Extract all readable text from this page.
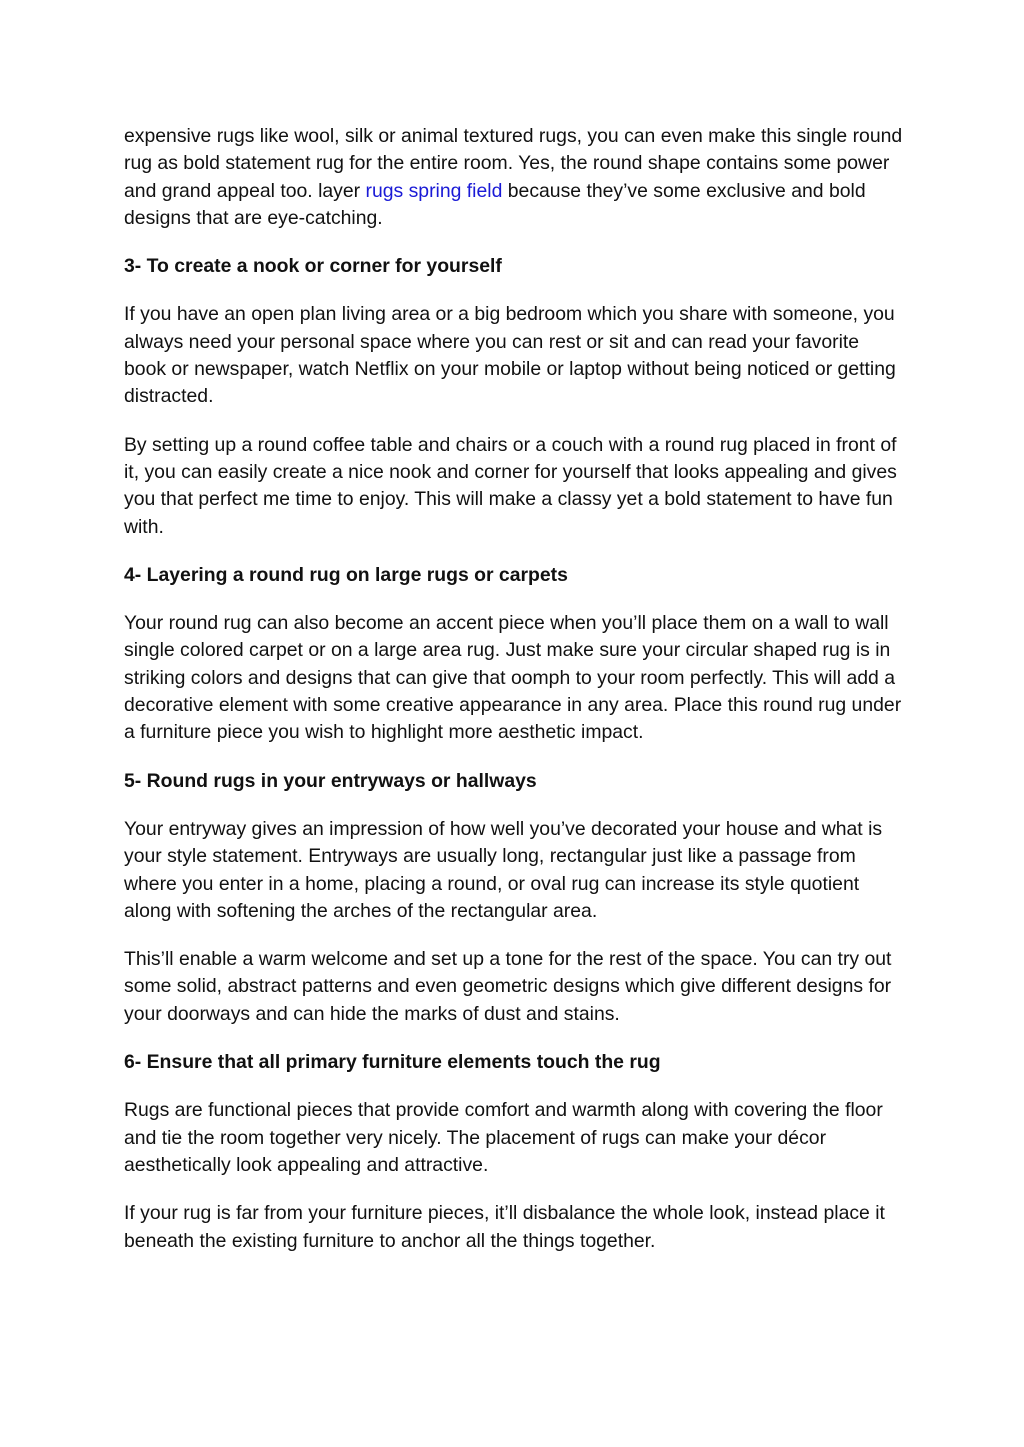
expensive rugs like wool, silk or animal textured rugs, you can even make this single round rug as bold statement rug for the entire room. Yes, the round shape contains some power and grand appeal too. layer rugs spring field because they’ve some exclusive and bold designs that are eye-catching.

3- To create a nook or corner for yourself

If you have an open plan living area or a big bedroom which you share with someone, you always need your personal space where you can rest or sit and can read your favorite book or newspaper, watch Netflix on your mobile or laptop without being noticed or getting distracted.

By setting up a round coffee table and chairs or a couch with a round rug placed in front of it, you can easily create a nice nook and corner for yourself that looks appealing and gives you that perfect me time to enjoy. This will make a classy yet a bold statement to have fun with.

4- Layering a round rug on large rugs or carpets

Your round rug can also become an accent piece when you’ll place them on a wall to wall single colored carpet or on a large area rug. Just make sure your circular shaped rug is in striking colors and designs that can give that oomph to your room perfectly. This will add a decorative element with some creative appearance in any area. Place this round rug under a furniture piece you wish to highlight more aesthetic impact.

5- Round rugs in your entryways or hallways

Your entryway gives an impression of how well you’ve decorated your house and what is your style statement. Entryways are usually long, rectangular just like a passage from where you enter in a home, placing a round, or oval rug can increase its style quotient along with softening the arches of the rectangular area.

This’ll enable a warm welcome and set up a tone for the rest of the space. You can try out some solid, abstract patterns and even geometric designs which give different designs for your doorways and can hide the marks of dust and stains.

6- Ensure that all primary furniture elements touch the rug

Rugs are functional pieces that provide comfort and warmth along with covering the floor and tie the room together very nicely. The placement of rugs can make your décor aesthetically look appealing and attractive.

If your rug is far from your furniture pieces, it’ll disbalance the whole look, instead place it beneath the existing furniture to anchor all the things together.
